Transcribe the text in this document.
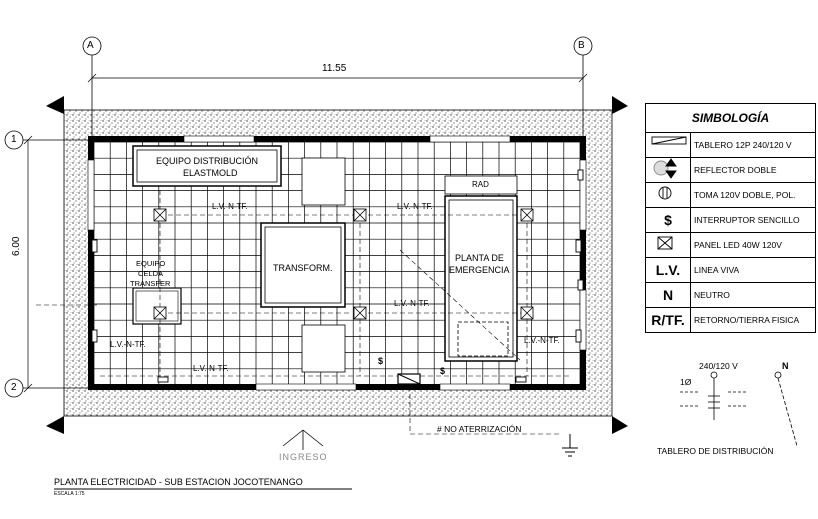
A	B
1
2
11.55
6.00
EQUIPO DISTRIBUCIÓN
ELASTMOLD
TRANSFORM.
PLANTA DE
EMERGENCIA
RAD
EQUIPO
CELDA
TRANSFER
L.V.-N-TF.	L.V.-N-TF.
L.V.-N-TF.
L.V.-N-TF.
L.V.-N-TF.
L.V.-N-TF.
$
$
# NO ATERRIZACIÓN
INGRESO
PLANTA ELECTRICIDAD - SUB ESTACION JOCOTENANGO
ESCALA 1:75
SIMBOLOGÍA	
	TABLERO 12P 240/120 V
	REFLECTOR DOBLE
	TOMA 120V DOBLE, POL.
$	INTERRUPTOR SENCILLO
	PANEL LED 40W 120V
L.V.	LINEA VIVA
N	NEUTRO
R/TF.	RETORNO/TIERRA FISICA
240/120 V	N
1Ø
TABLERO DE DISTRIBUCIÓN
